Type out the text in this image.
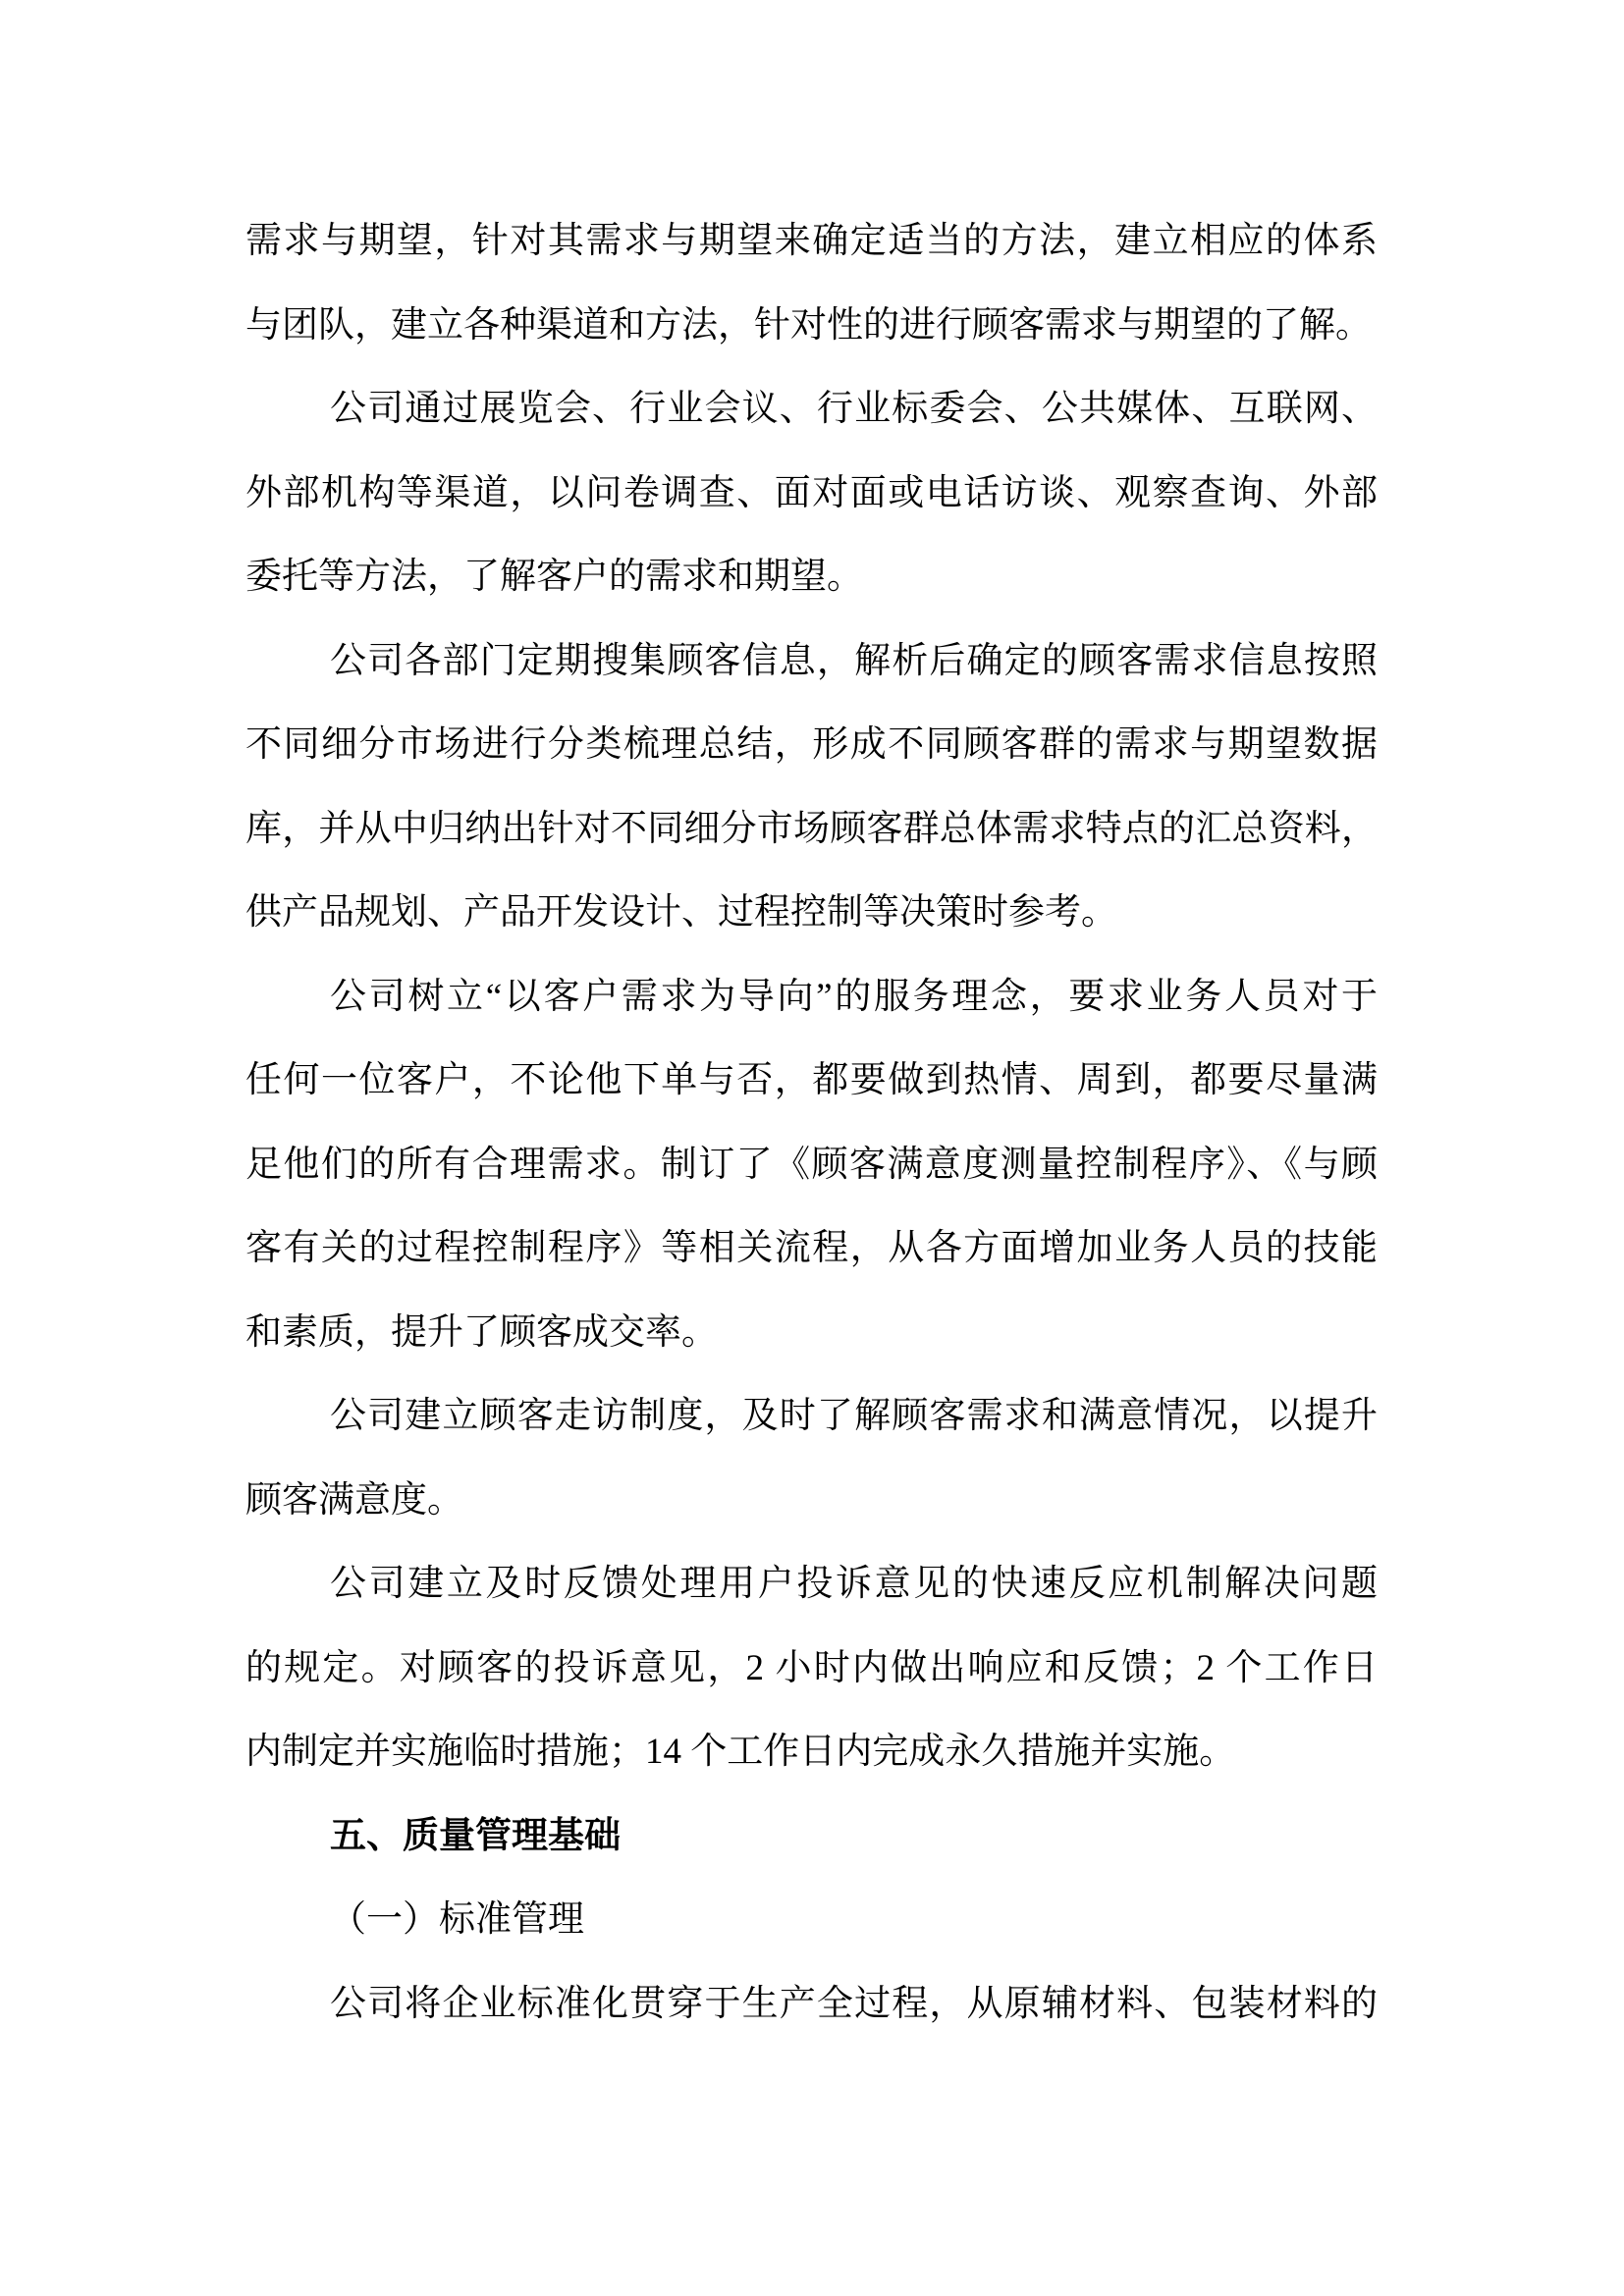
需求与期望，针对其需求与期望来确定适当的方法，建立相应的体系
与团队，建立各种渠道和方法，针对性的进行顾客需求与期望的了解。
公司通过展览会、行业会议、行业标委会、公共媒体、互联网、
外部机构等渠道，以问卷调查、面对面或电话访谈、观察查询、外部
委托等方法，了解客户的需求和期望。
公司各部门定期搜集顾客信息，解析后确定的顾客需求信息按照
不同细分市场进行分类梳理总结，形成不同顾客群的需求与期望数据
库，并从中归纳出针对不同细分市场顾客群总体需求特点的汇总资料，
供产品规划、产品开发设计、过程控制等决策时参考。
公司树立“以客户需求为导向”的服务理念，要求业务人员对于
任何一位客户，不论他下单与否，都要做到热情、周到，都要尽量满
足他们的所有合理需求。制订了《顾客满意度测量控制程序》、《与顾
客有关的过程控制程序》等相关流程，从各方面增加业务人员的技能
和素质，提升了顾客成交率。
公司建立顾客走访制度，及时了解顾客需求和满意情况，以提升
顾客满意度。
公司建立及时反馈处理用户投诉意见的快速反应机制解决问题
的规定。对顾客的投诉意见，2 小时内做出响应和反馈；2 个工作日
内制定并实施临时措施；14 个工作日内完成永久措施并实施。
五、质量管理基础
（一）标准管理
公司将企业标准化贯穿于生产全过程，从原辅材料、包装材料的
